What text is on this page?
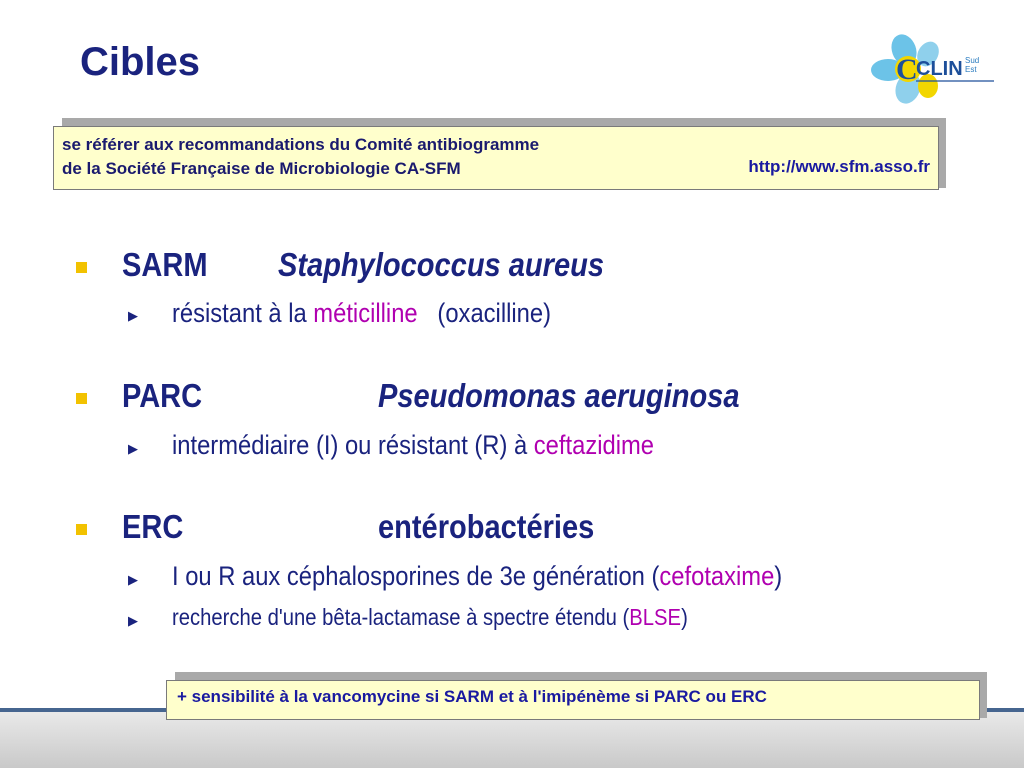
Cibles	C
CLIN Sud
Est
se référer aux recommandations du Comité antibiogramme
de la Société Française de Microbiologie CA-SFM	http://www.sfm.asso.fr
SARM Staphylococcus aureus
▶ résistant à la méticilline   (oxacilline)
PARC	Pseudomonas aeruginosa
▶ intermédiaire (I) ou résistant (R) à ceftazidime
ERC	entérobactéries
▶ I ou R aux céphalosporines de 3e génération (cefotaxime)
▶ recherche d'une bêta-lactamase à spectre étendu (BLSE)
+ sensibilité à la vancomycine si SARM et à l'imipénème si PARC ou ERC
